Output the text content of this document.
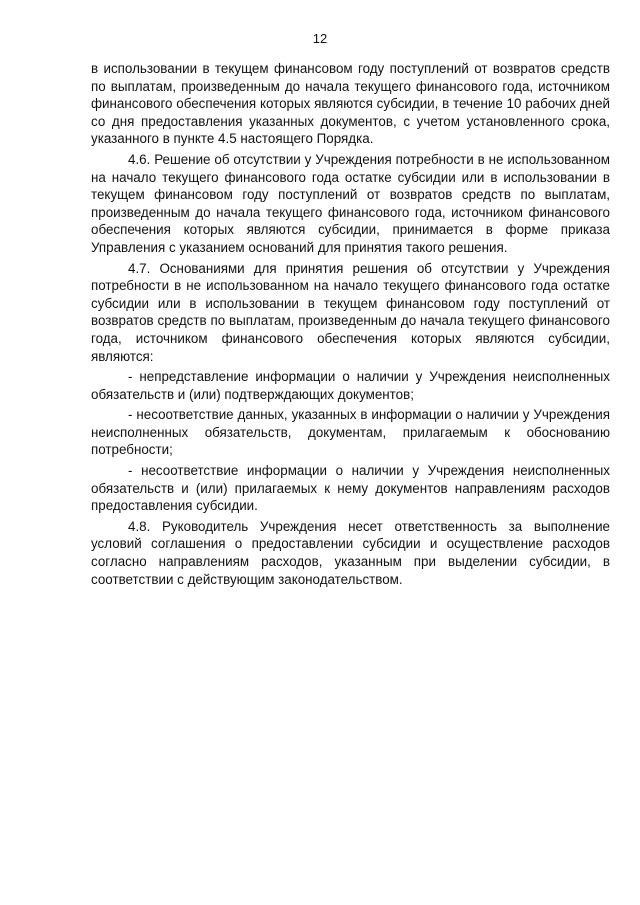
12

в использовании в текущем финансовом году поступлений от возвратов средств по выплатам, произведенным до начала текущего финансового года, источником финансового обеспечения которых являются субсидии, в течение 10 рабочих дней со дня предоставления указанных документов, с учетом установленного срока, указанного в пункте 4.5 настоящего Порядка.

4.6. Решение об отсутствии у Учреждения потребности в не использованном на начало текущего финансового года остатке субсидии или в использовании в текущем финансовом году поступлений от возвратов средств по выплатам, произведенным до начала текущего финансового года, источником финансового обеспечения которых являются субсидии, принимается в форме приказа Управления с указанием оснований для принятия такого решения.

4.7. Основаниями для принятия решения об отсутствии у Учреждения потребности в не использованном на начало текущего финансового года остатке субсидии или в использовании в текущем финансовом году поступлений от возвратов средств по выплатам, произведенным до начала текущего финансового года, источником финансового обеспечения которых являются субсидии, являются:

- непредставление информации о наличии у Учреждения неисполненных обязательств и (или) подтверждающих документов;

- несоответствие данных, указанных в информации о наличии у Учреждения неисполненных обязательств, документам, прилагаемым к обоснованию потребности;

- несоответствие информации о наличии у Учреждения неисполненных обязательств и (или) прилагаемых к нему документов направлениям расходов предоставления субсидии.

4.8. Руководитель Учреждения несет ответственность за выполнение условий соглашения о предоставлении субсидии и осуществление расходов согласно направлениям расходов, указанным при выделении субсидии, в соответствии с действующим законодательством.
